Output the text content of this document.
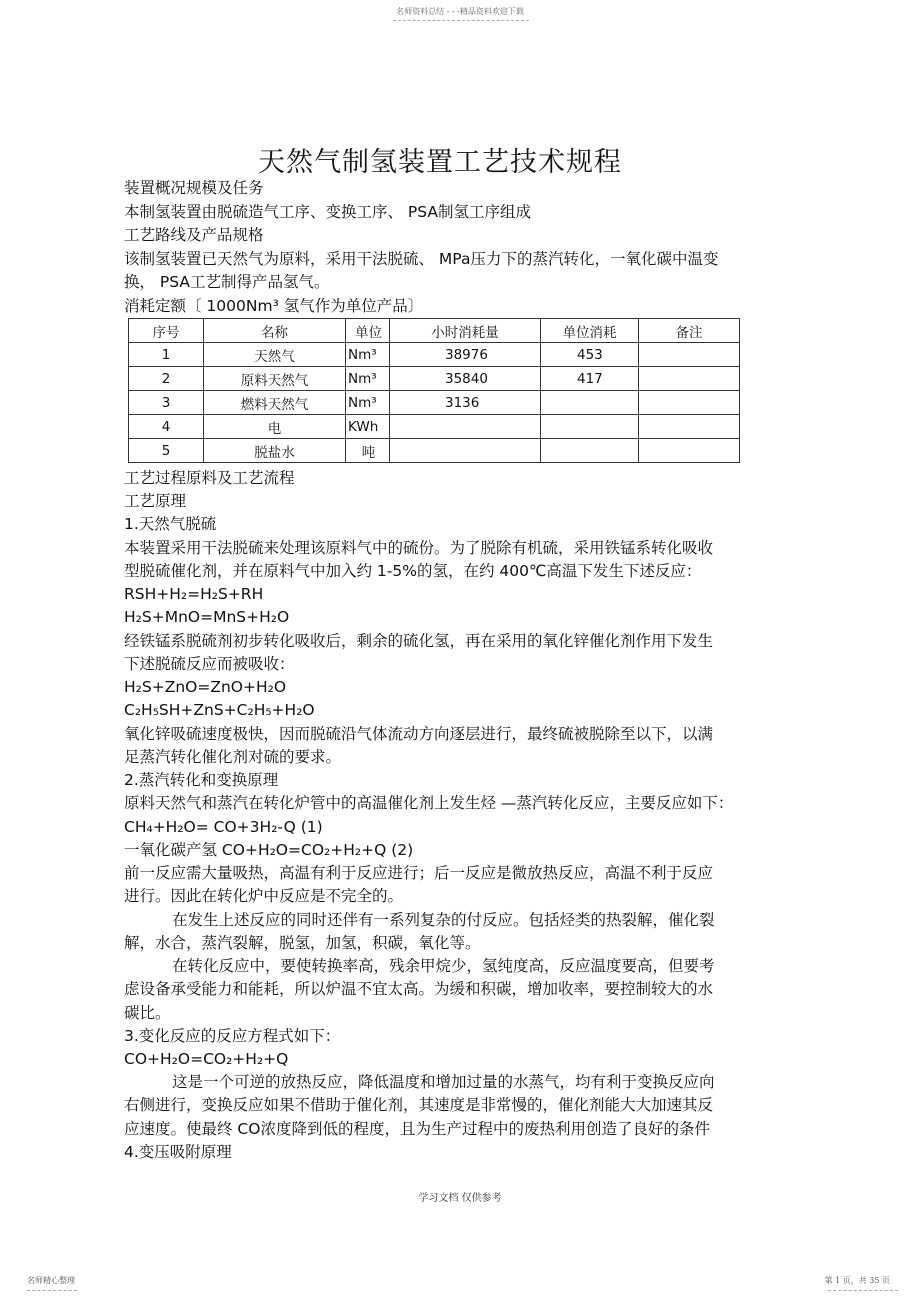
名师资料总结 - - -精品资料欢迎下载
天然气制氢装置工艺技术规程
装置概况规模及任务
本制氢装置由脱硫造气工序、变换工序、 PSA制氢工序组成
工艺路线及产品规格
该制氢装置已天然气为原料，采用干法脱硫、 MPa压力下的蒸汽转化，一氧化碳中温变
换， PSA工艺制得产品氢气。
消耗定额〔 1000Nm³ 氢气作为单位产品〕
序号	名称	单位	小时消耗量	单位消耗	备注
1	天然气	Nm³	38976	453	
2	原料天然气	Nm³	35840	417	
3	燃料天然气	Nm³	3136		
4	电	KWh			
5	脱盐水	吨			
工艺过程原料及工艺流程
工艺原理
1.天然气脱硫
本装置采用干法脱硫来处理该原料气中的硫份。为了脱除有机硫，采用铁锰系转化吸收
型脱硫催化剂，并在原料气中加入约 1-5%的氢，在约 400℃高温下发生下述反应：
RSH+H₂=H₂S+RH
H₂S+MnO=MnS+H₂O
经铁锰系脱硫剂初步转化吸收后，剩余的硫化氢，再在采用的氧化锌催化剂作用下发生
下述脱硫反应而被吸收：
H₂S+ZnO=ZnO+H₂O
C₂H₅SH+ZnS+C₂H₅+H₂O
氧化锌吸硫速度极快，因而脱硫沿气体流动方向逐层进行，最终硫被脱除至以下，以满
足蒸汽转化催化剂对硫的要求。
2.蒸汽转化和变换原理
原料天然气和蒸汽在转化炉管中的高温催化剂上发生烃 —蒸汽转化反应，主要反应如下：
CH₄+H₂O= CO+3H₂-Q (1)
一氧化碳产氢 CO+H₂O=CO₂+H₂+Q (2)
前一反应需大量吸热，高温有利于反应进行；后一反应是微放热反应，高温不利于反应
进行。因此在转化炉中反应是不完全的。
在发生上述反应的同时还伴有一系列复杂的付反应。包括烃类的热裂解，催化裂
解，水合，蒸汽裂解，脱氢，加氢，积碳，氧化等。
在转化反应中，要使转换率高，残余甲烷少，氢纯度高，反应温度要高，但要考
虑设备承受能力和能耗，所以炉温不宜太高。为缓和积碳，增加收率，要控制较大的水
碳比。
3.变化反应的反应方程式如下：
CO+H₂O=CO₂+H₂+Q
这是一个可逆的放热反应，降低温度和增加过量的水蒸气，均有利于变换反应向
右侧进行，变换反应如果不借助于催化剂，其速度是非常慢的，催化剂能大大加速其反
应速度。使最终 CO浓度降到低的程度，且为生产过程中的废热利用创造了良好的条件
4.变压吸附原理
学习文档 仅供参考
名师精心整理	第 1 页，共 35 页
